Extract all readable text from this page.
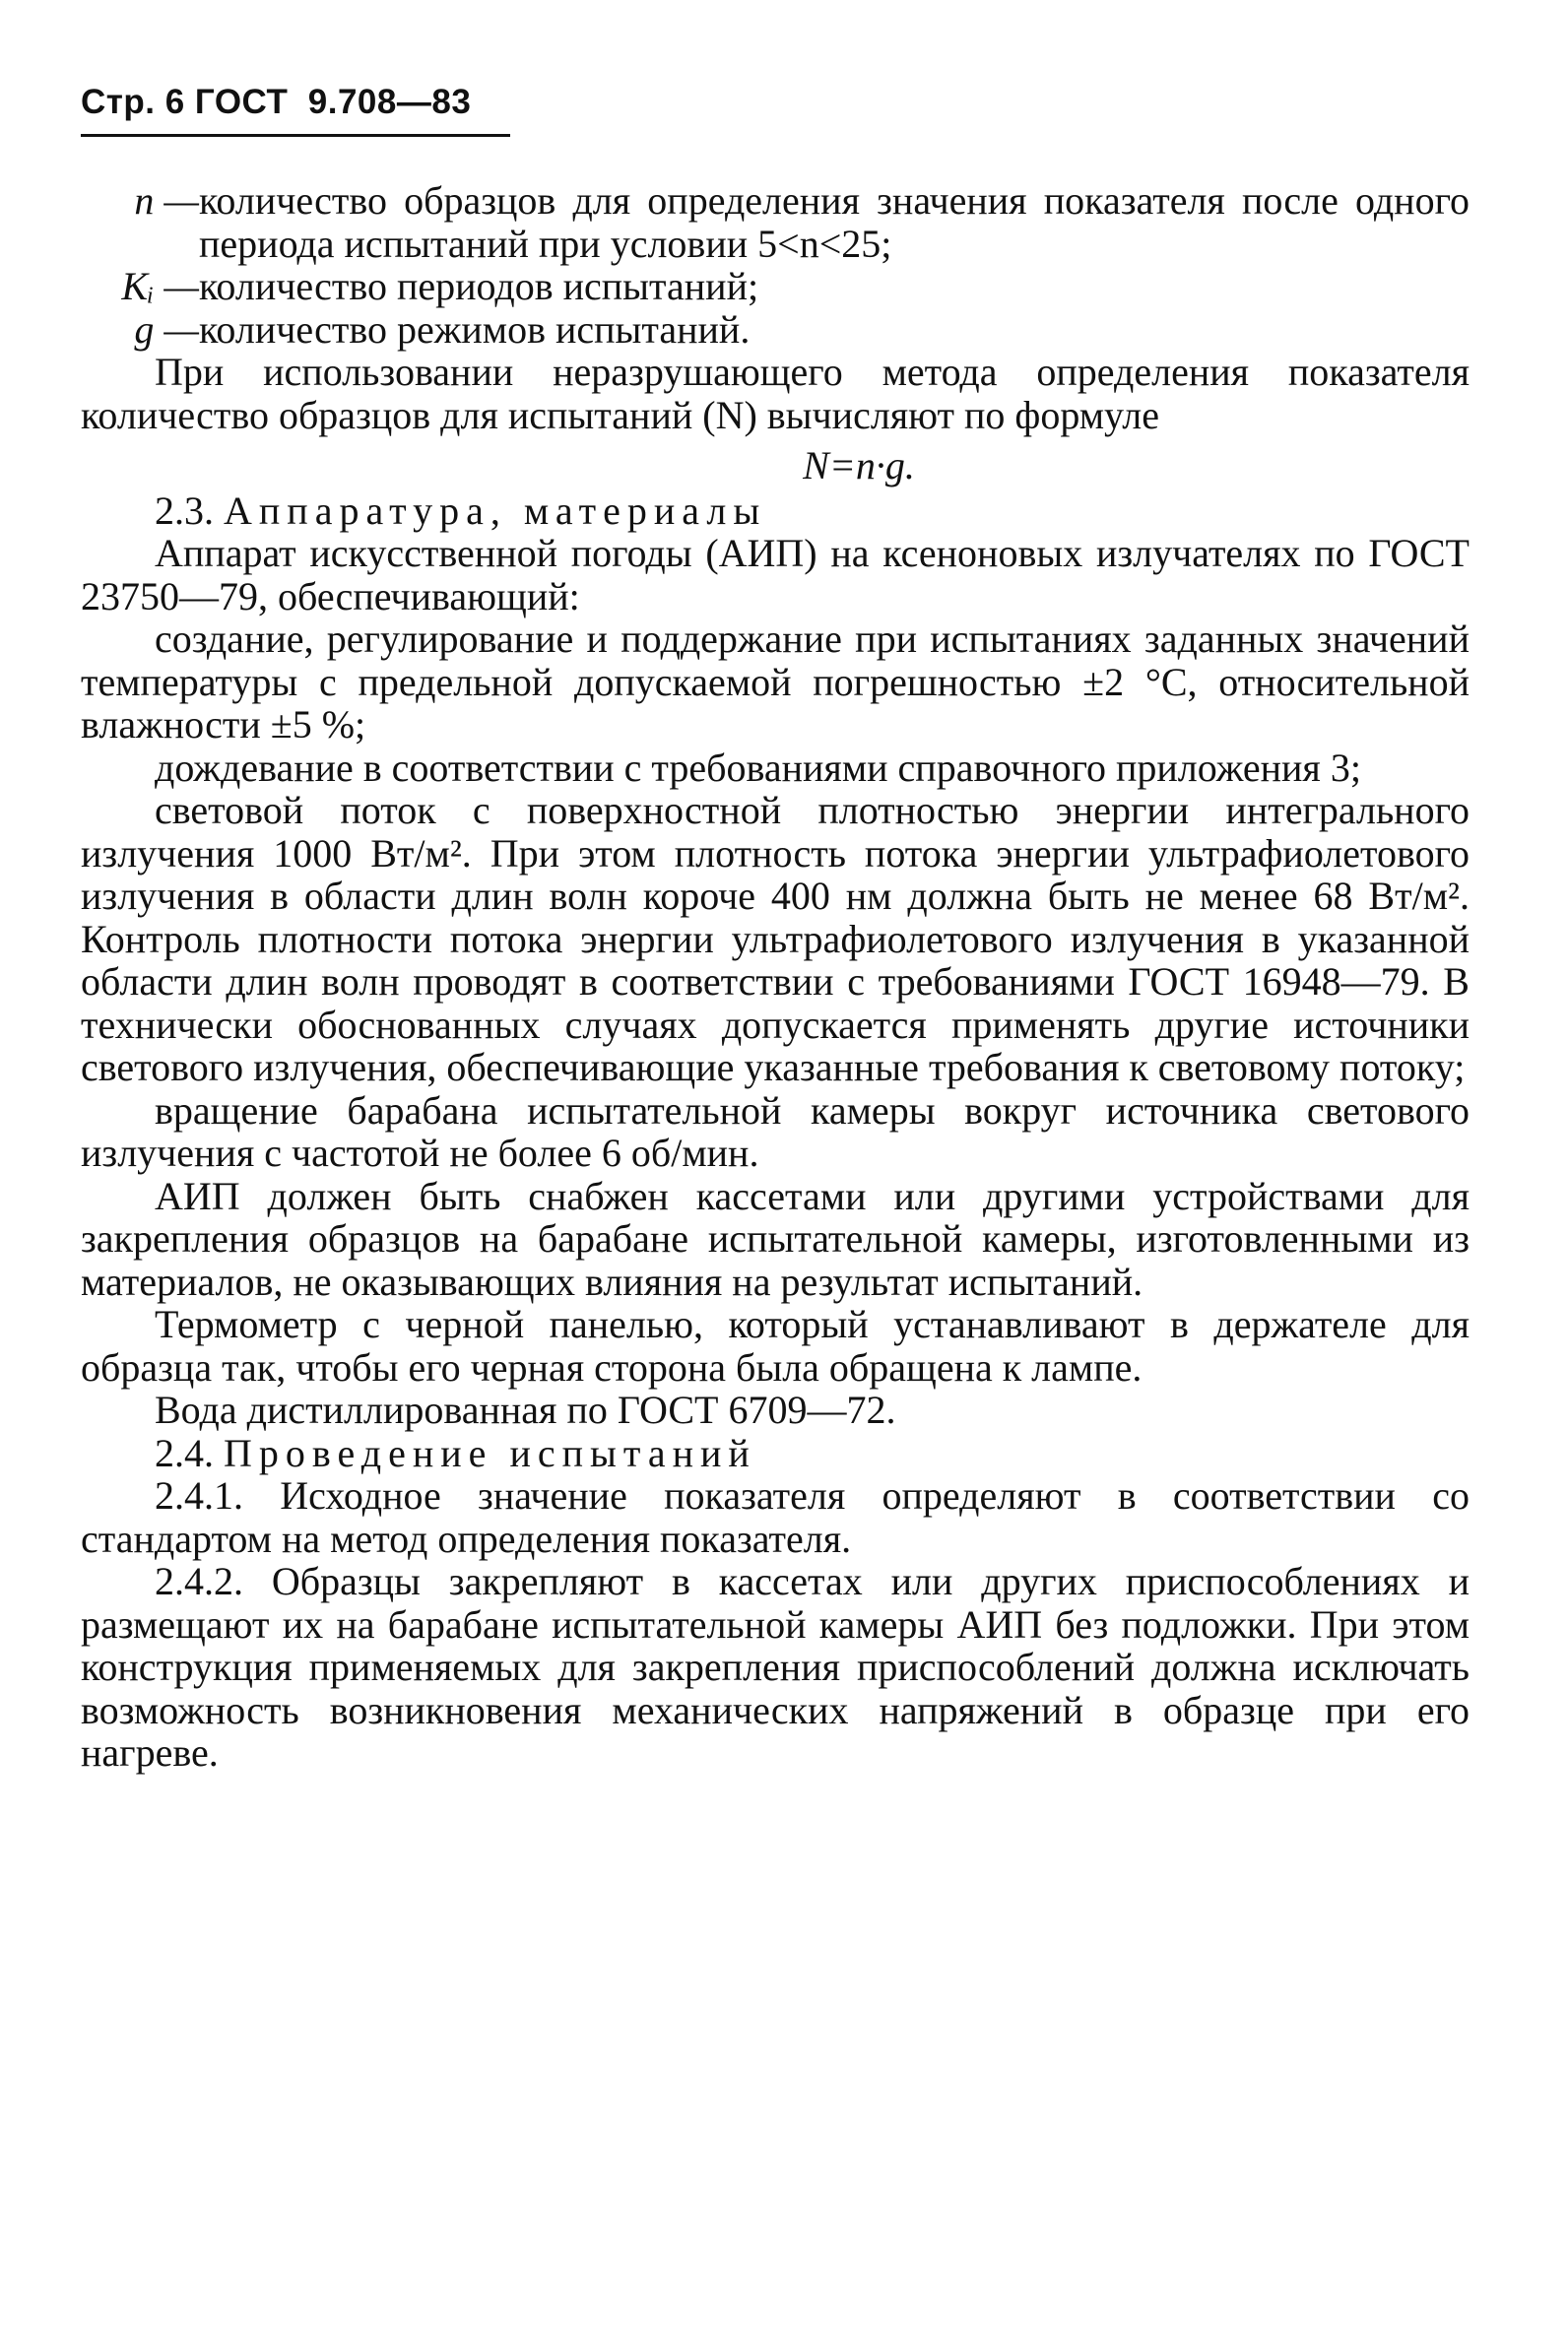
Стр. 6 ГОСТ  9.708—83

n — количество образцов для определения значения показателя после одного периода испытаний при условии 5<n<25;

Kᵢ — количество периодов испытаний;

g — количество режимов испытаний.

При использовании неразрушающего метода определения показателя количество образцов для испытаний (N) вычисляют по формуле

N=n·g.

2.3. Аппаратура, материалы

Аппарат искусственной погоды (АИП) на ксеноновых излучателях по ГОСТ 23750—79, обеспечивающий:

создание, регулирование и поддержание при испытаниях заданных значений температуры с предельной допускаемой погрешностью ±2 °С, относительной влажности ±5 %;

дождевание в соответствии с требованиями справочного приложения 3;

световой поток с поверхностной плотностью энергии интегрального излучения 1000 Вт/м². При этом плотность потока энергии ультрафиолетового излучения в области длин волн короче 400 нм должна быть не менее 68 Вт/м². Контроль плотности потока энергии ультрафиолетового излучения в указанной области длин волн проводят в соответствии с требованиями ГОСТ 16948—79. В технически обоснованных случаях допускается применять другие источники светового излучения, обеспечивающие указанные требования к световому потоку;

вращение барабана испытательной камеры вокруг источника светового излучения с частотой не более 6 об/мин.

АИП должен быть снабжен кассетами или другими устройствами для закрепления образцов на барабане испытательной камеры, изготовленными из материалов, не оказывающих влияния на результат испытаний.

Термометр с черной панелью, который устанавливают в держателе для образца так, чтобы его черная сторона была обращена к лампе.

Вода дистиллированная по ГОСТ 6709—72.

2.4. Проведение испытаний

2.4.1. Исходное значение показателя определяют в соответствии со стандартом на метод определения показателя.

2.4.2. Образцы закрепляют в кассетах или других приспособлениях и размещают их на барабане испытательной камеры АИП без подложки. При этом конструкция применяемых для закрепления приспособлений должна исключать возможность возникновения механических напряжений в образце при его нагреве.
